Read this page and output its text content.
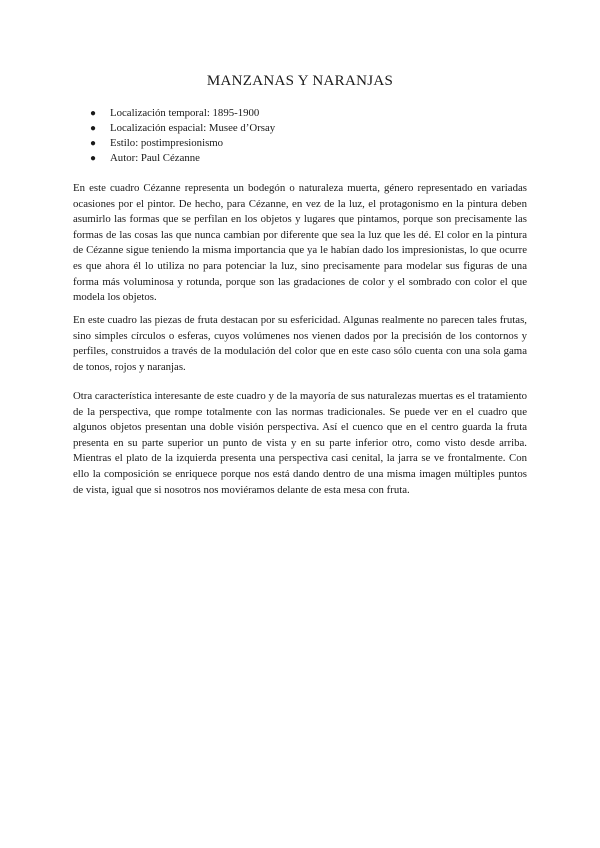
MANZANAS Y NARANJAS
● Localización temporal: 1895-1900
● Localización espacial: Musee d’Orsay
● Estilo: postimpresionismo
● Autor: Paul Cézanne

En este cuadro Cézanne representa un bodegón o naturaleza muerta, género representado en variadas ocasiones por el pintor. De hecho, para Cézanne, en vez de la luz, el protagonismo en la pintura deben asumirlo las formas que se perfilan en los objetos y lugares que pintamos, porque son precisamente las formas de las cosas las que nunca cambian por diferente que sea la luz que les dé. El color en la pintura de Cézanne sigue teniendo la misma importancia que ya le habían dado los impresionistas, lo que ocurre es que ahora él lo utiliza no para potenciar la luz, sino precisamente para modelar sus figuras de una forma más voluminosa y rotunda, porque son las gradaciones de color y el sombrado con color el que modela los objetos.

En este cuadro las piezas de fruta destacan por su esfericidad. Algunas realmente no parecen tales frutas, sino simples círculos o esferas, cuyos volúmenes nos vienen dados por la precisión de los contornos y perfiles, construidos a través de la modulación del color que en este caso sólo cuenta con una sola gama de tonos, rojos y naranjas.

Otra característica interesante de este cuadro y de la mayoría de sus naturalezas muertas es el tratamiento de la perspectiva, que rompe totalmente con las normas tradicionales. Se puede ver en el cuadro que algunos objetos presentan una doble visión perspectiva. Así el cuenco que en el centro guarda la fruta presenta en su parte superior un punto de vista y en su parte inferior otro, como visto desde arriba. Mientras el plato de la izquierda presenta una perspectiva casi cenital, la jarra se ve frontalmente. Con ello la composición se enriquece porque nos está dando dentro de una misma imagen múltiples puntos de vista, igual que si nosotros nos moviéramos delante de esta mesa con fruta.
